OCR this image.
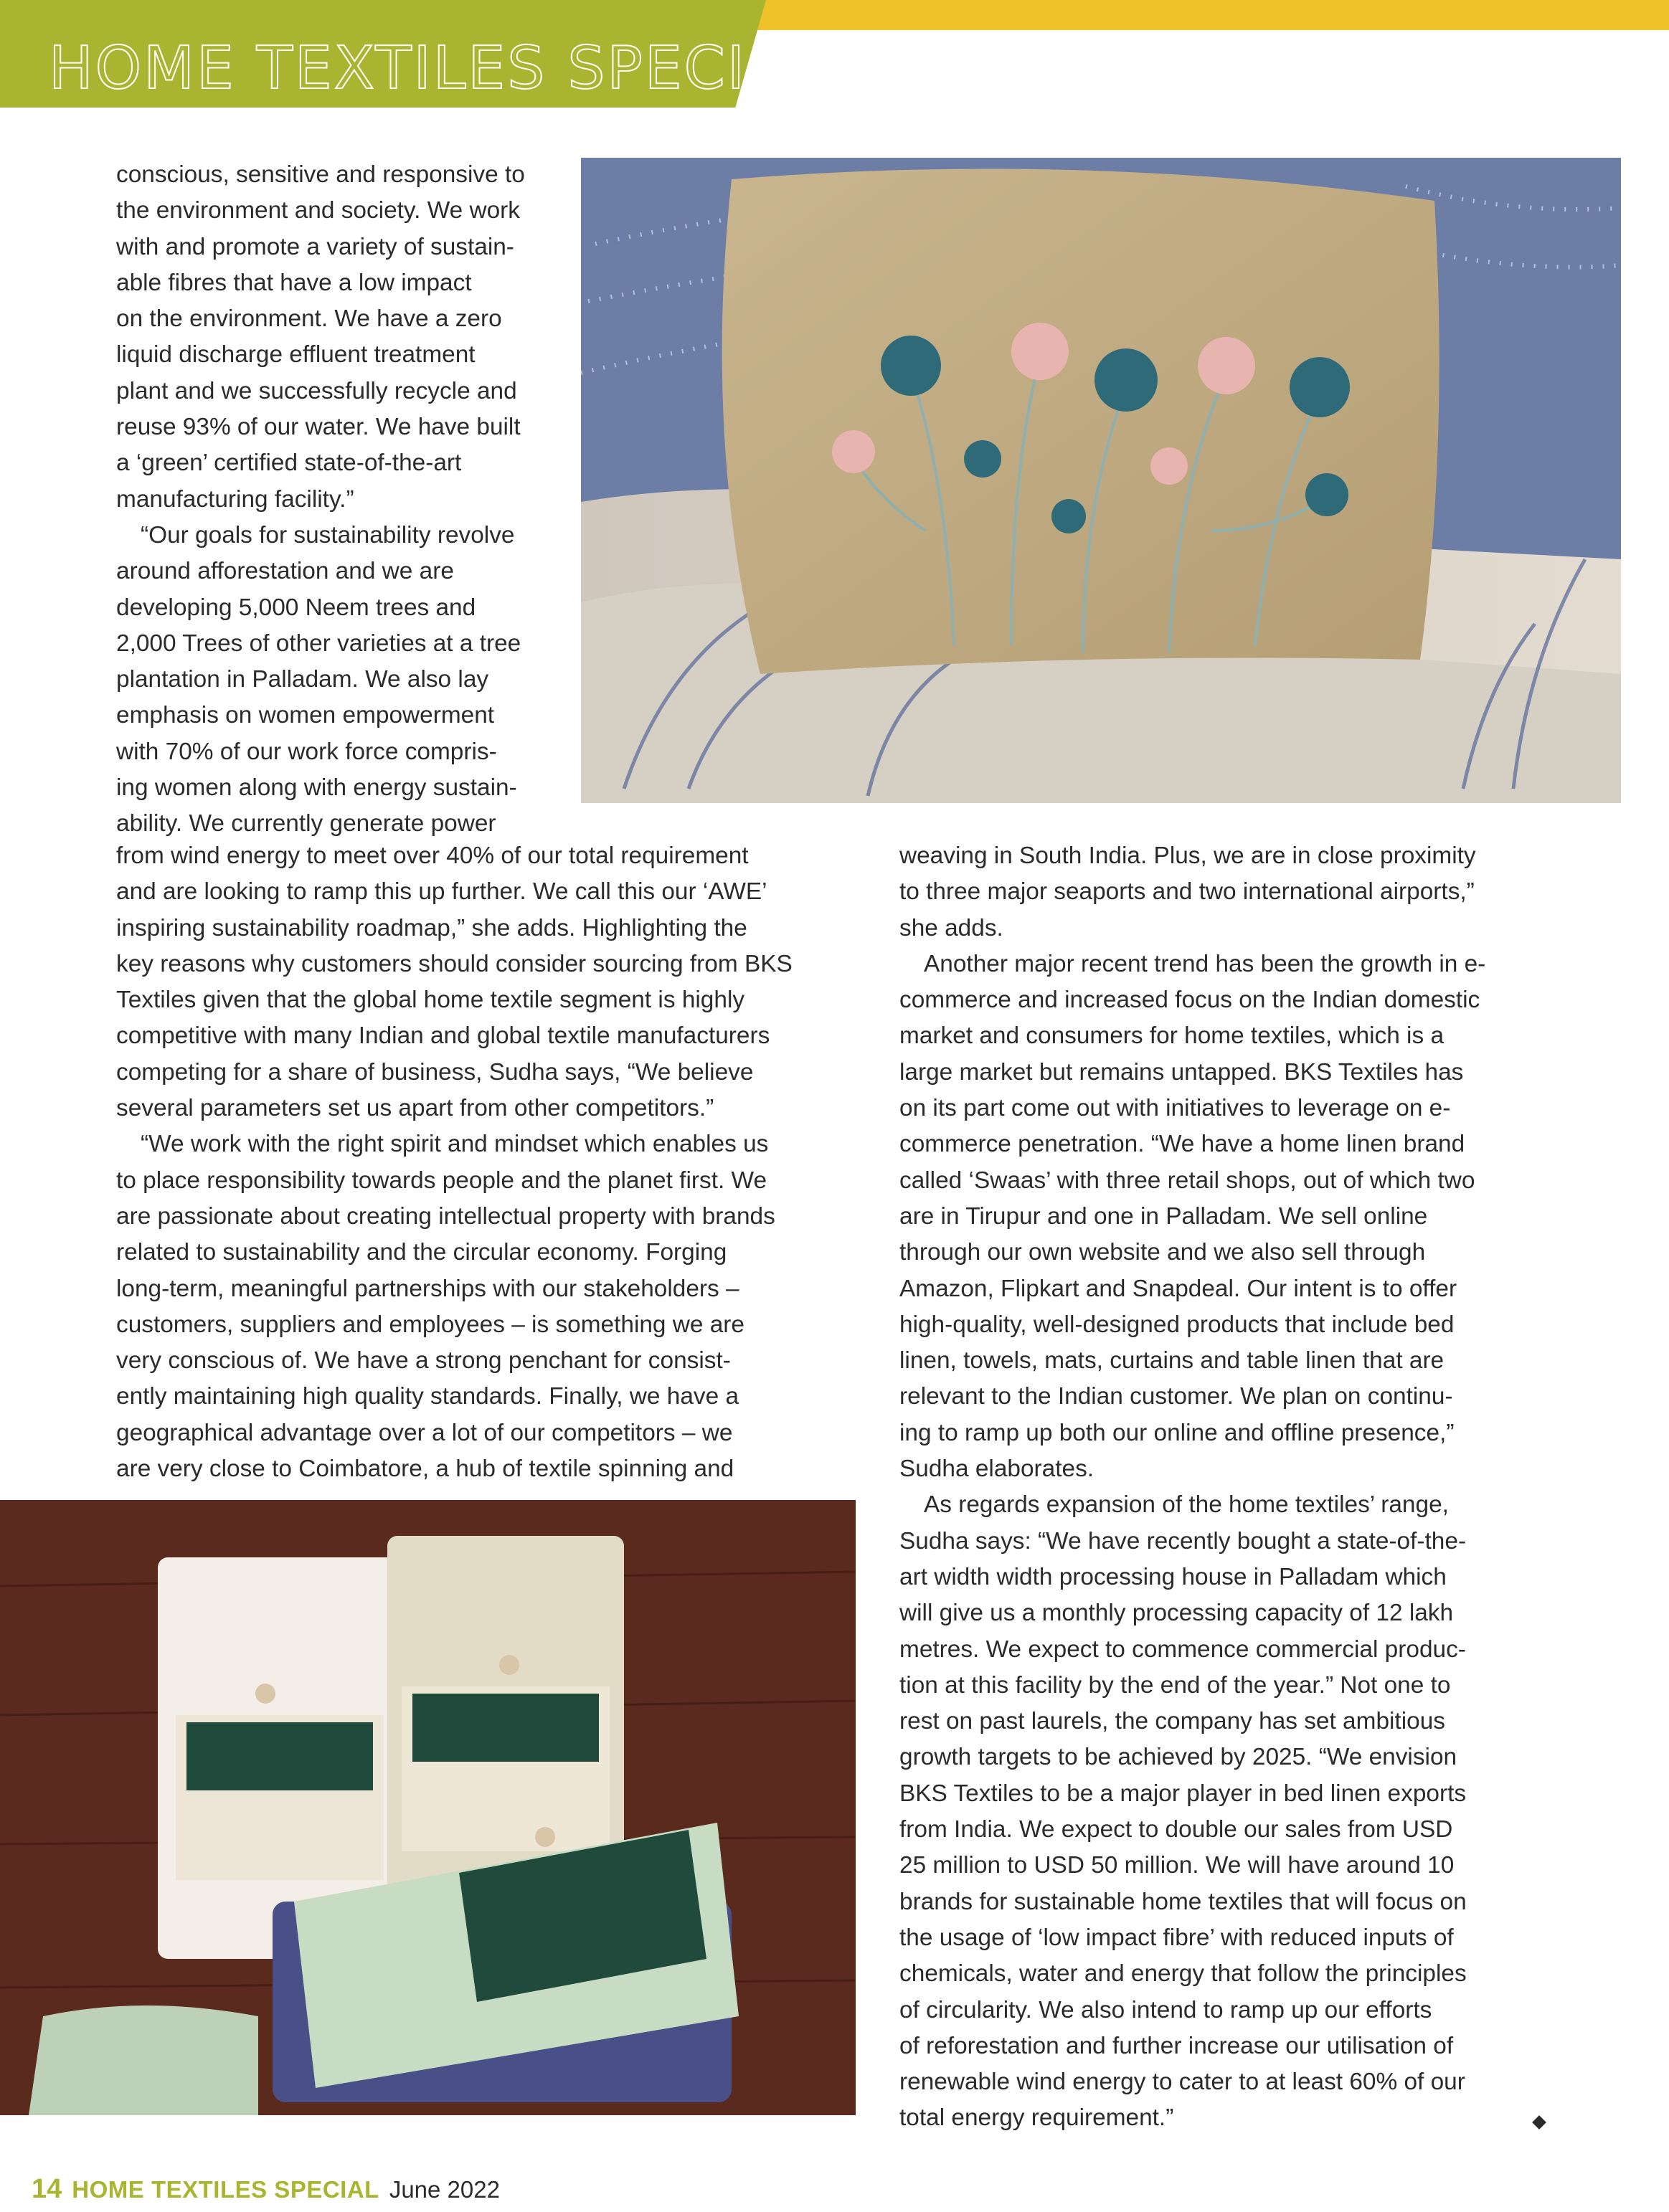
HOME TEXTILES SPECIAL

conscious, sensitive and responsive to

the environment and society. We work

with and promote a variety of sustain-

able fibres that have a low impact

on the environment. We have a zero

liquid discharge effluent treatment

plant and we successfully recycle and

reuse 93% of our water. We have built

a ‘green’ certified state-of-the-art

manufacturing facility.”

“Our goals for sustainability revolve

around afforestation and we are

developing 5,000 Neem trees and

2,000 Trees of other varieties at a tree

plantation in Palladam. We also lay

emphasis on women empowerment

with 70% of our work force compris-

ing women along with energy sustain-

ability. We currently generate power

from wind energy to meet over 40% of our total requirement

and are looking to ramp this up further. We call this our ‘AWE’

inspiring sustainability roadmap,” she adds. Highlighting the

key reasons why customers should consider sourcing from BKS

Textiles given that the global home textile segment is highly

competitive with many Indian and global textile manufacturers

competing for a share of business, Sudha says, “We believe

several parameters set us apart from other competitors.”

“We work with the right spirit and mindset which enables us

to place responsibility towards people and the planet first. We

are passionate about creating intellectual property with brands

related to sustainability and the circular economy. Forging

long-term, meaningful partnerships with our stakeholders –

customers, suppliers and employees – is something we are

very conscious of. We have a strong penchant for consist-

ently maintaining high quality standards. Finally, we have a

geographical advantage over a lot of our competitors – we

are very close to Coimbatore, a hub of textile spinning and

weaving in South India. Plus, we are in close proximity

to three major seaports and two international airports,”

she adds.

Another major recent trend has been the growth in e-

commerce and increased focus on the Indian domestic

market and consumers for home textiles, which is a

large market but remains untapped. BKS Textiles has

on its part come out with initiatives to leverage on e-

commerce penetration. “We have a home linen brand

called ‘Swaas’ with three retail shops, out of which two

are in Tirupur and one in Palladam. We sell online

through our own website and we also sell through

Amazon, Flipkart and Snapdeal. Our intent is to offer

high-quality, well-designed products that include bed

linen, towels, mats, curtains and table linen that are

relevant to the Indian customer. We plan on continu-

ing to ramp up both our online and offline presence,”

Sudha elaborates.

As regards expansion of the home textiles’ range,

Sudha says: “We have recently bought a state-of-the-

art width width processing house in Palladam which

will give us a monthly processing capacity of 12 lakh

metres. We expect to commence commercial produc-

tion at this facility by the end of the year.” Not one to

rest on past laurels, the company has set ambitious

growth targets to be achieved by 2025. “We envision

BKS Textiles to be a major player in bed linen exports

from India. We expect to double our sales from USD

25 million to USD 50 million. We will have around 10

brands for sustainable home textiles that will focus on

the usage of ‘low impact fibre’ with reduced inputs of

chemicals, water and energy that follow the principles

of circularity. We also intend to ramp up our efforts

of reforestation and further increase our utilisation of

renewable wind energy to cater to at least 60% of our

total energy requirement.”

14 HOME TEXTILES SPECIAL June 2022
